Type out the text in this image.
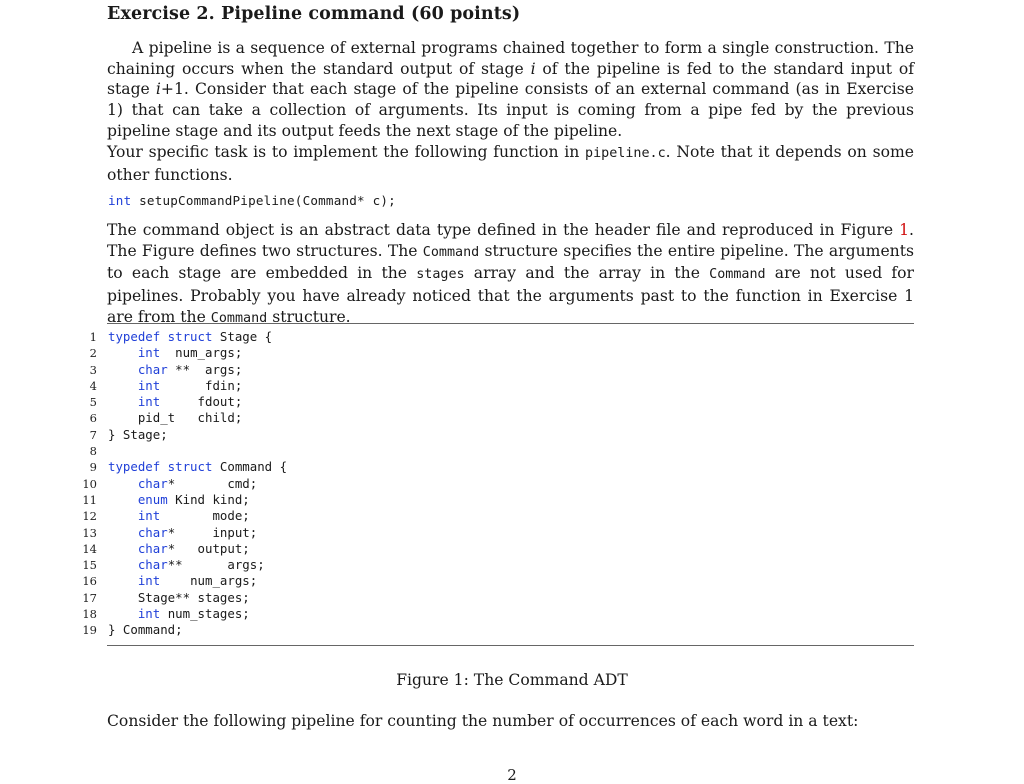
Exercise 2. Pipeline command (60 points)
A pipeline is a sequence of external programs chained together to form a single construction. The chaining occurs when the standard output of stage i of the pipeline is fed to the standard input of stage i+1. Consider that each stage of the pipeline consists of an external command (as in Exercise 1) that can take a collection of arguments. Its input is coming from a pipe fed by the previous pipeline stage and its output feeds the next stage of the pipeline.
Your specific task is to implement the following function in pipeline.c. Note that it depends on some other functions.
int setupCommandPipeline(Command* c);
The command object is an abstract data type defined in the header file and reproduced in Figure 1. The Figure defines two structures. The Command structure specifies the entire pipeline. The arguments to each stage are embedded in the stages array and the array in the Command are not used for pipelines. Probably you have already noticed that the arguments past to the function in Exercise 1 are from the Command structure.
1 typedef struct Stage {
2	int  num_args;
3	char **  args;
4	int      fdin;
5	int     fdout;
6	pid_t   child;
7 } Stage;
8
9 typedef struct Command {
10	char*       cmd;
11	enum Kind kind;
12	int       mode;
13	char*     input;
14	char*   output;
15	char**      args;
16	int    num_args;
17	Stage** stages;
18	int num_stages;
19 } Command;
Figure 1: The Command ADT
Consider the following pipeline for counting the number of occurrences of each word in a text:
2
